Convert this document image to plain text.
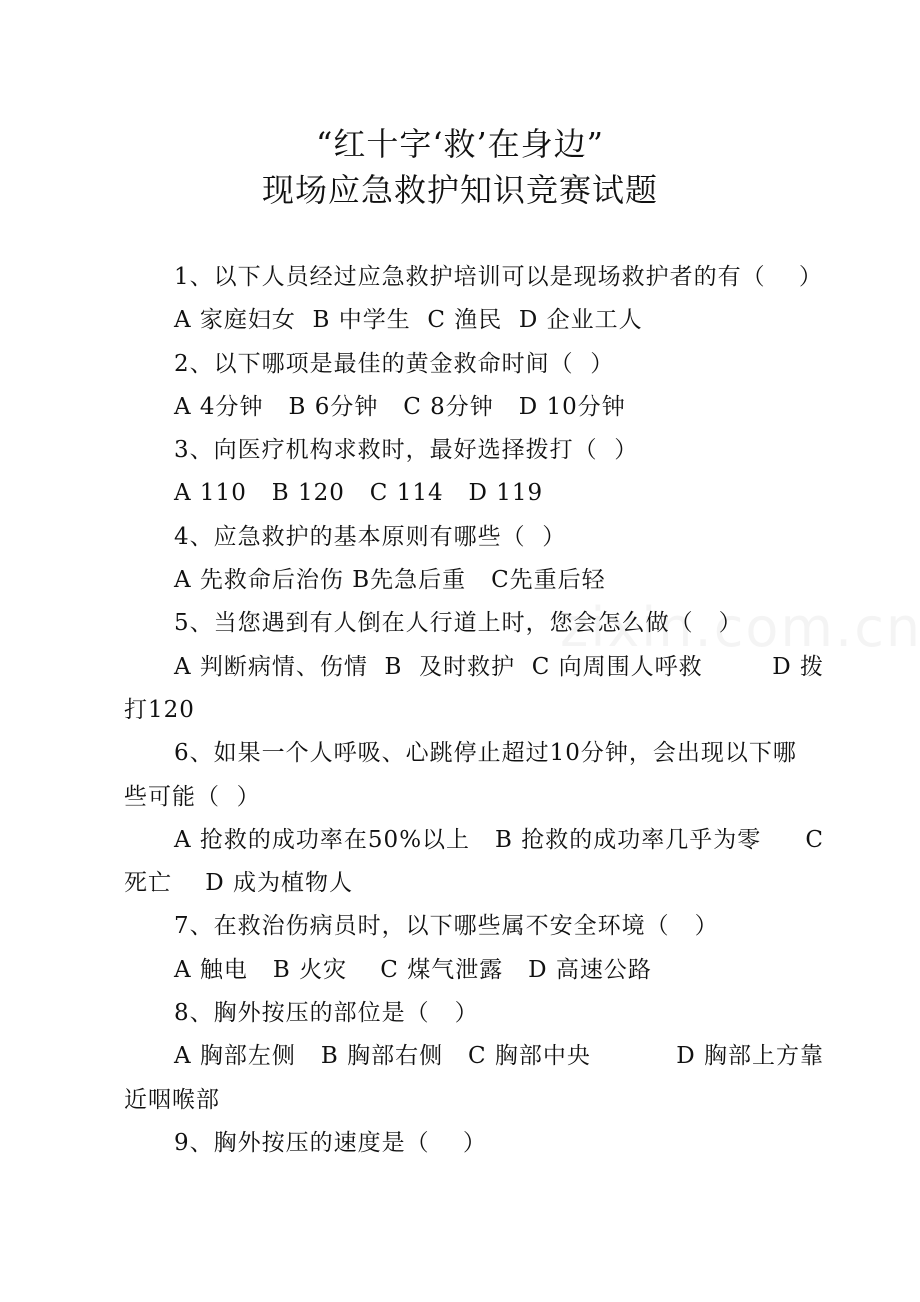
“红十字‘救’在身边”
现场应急救护知识竞赛试题
1、以下人员经过应急救护培训可以是现场救护者的有（    ）
A 家庭妇女  B 中学生  C 渔民  D 企业工人
2、以下哪项是最佳的黄金救命时间（  ）
A 4分钟   B 6分钟   C 8分钟   D 10分钟
3、向医疗机构求救时，最好选择拨打（  ）
A 110   B 120   C 114   D 119
4、应急救护的基本原则有哪些（  ）
A 先救命后治伤 B先急后重   C先重后轻
5、当您遇到有人倒在人行道上时，您会怎么做（   ）
A 判断病情、伤情  B  及时救护  C 向周围人呼救	D 拨
打120
6、如果一个人呼吸、心跳停止超过10分钟，会出现以下哪
些可能（  ）
A 抢救的成功率在50%以上   B 抢救的成功率几乎为零 C
死亡    D 成为植物人
7、在救治伤病员时，以下哪些属不安全环境（   ）
A 触电   B 火灾    C 煤气泄露   D 高速公路
8、胸外按压的部位是（   ）
A 胸部左侧   B 胸部右侧   C 胸部中央	D 胸部上方靠
近咽喉部
9、胸外按压的速度是（    ）
